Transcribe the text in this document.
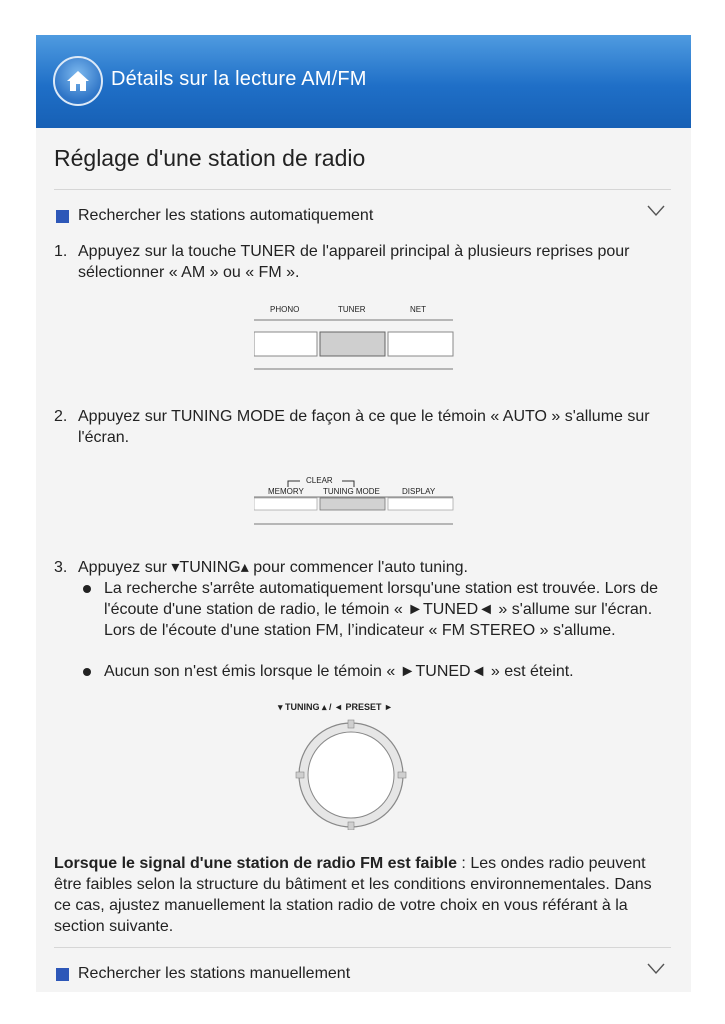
Détails sur la lecture AM/FM
Réglage d'une station de radio
Rechercher les stations automatiquement
1. Appuyez sur la touche TUNER de l'appareil principal à plusieurs reprises pour sélectionner « AM » ou « FM ».
PHONO	TUNER	NET
2. Appuyez sur TUNING MODE de façon à ce que le témoin « AUTO » s'allume sur l'écran.
CLEAR
MEMORY TUNING MODE	DISPLAY
3. Appuyez sur ▾TUNING▴ pour commencer l'auto tuning.
La recherche s'arrête automatiquement lorsqu'une station est trouvée. Lors de l'écoute d'une station de radio, le témoin « ►TUNED◄ » s'allume sur l'écran. Lors de l'écoute d'une station FM, l’indicateur « FM STEREO » s'allume.
Aucun son n'est émis lorsque le témoin « ►TUNED◄ » est éteint.
▾ TUNING ▴ / ◄ PRESET ►
Lorsque le signal d'une station de radio FM est faible : Les ondes radio peuvent être faibles selon la structure du bâtiment et les conditions environnementales. Dans ce cas, ajustez manuellement la station radio de votre choix en vous référant à la section suivante.
Rechercher les stations manuellement
